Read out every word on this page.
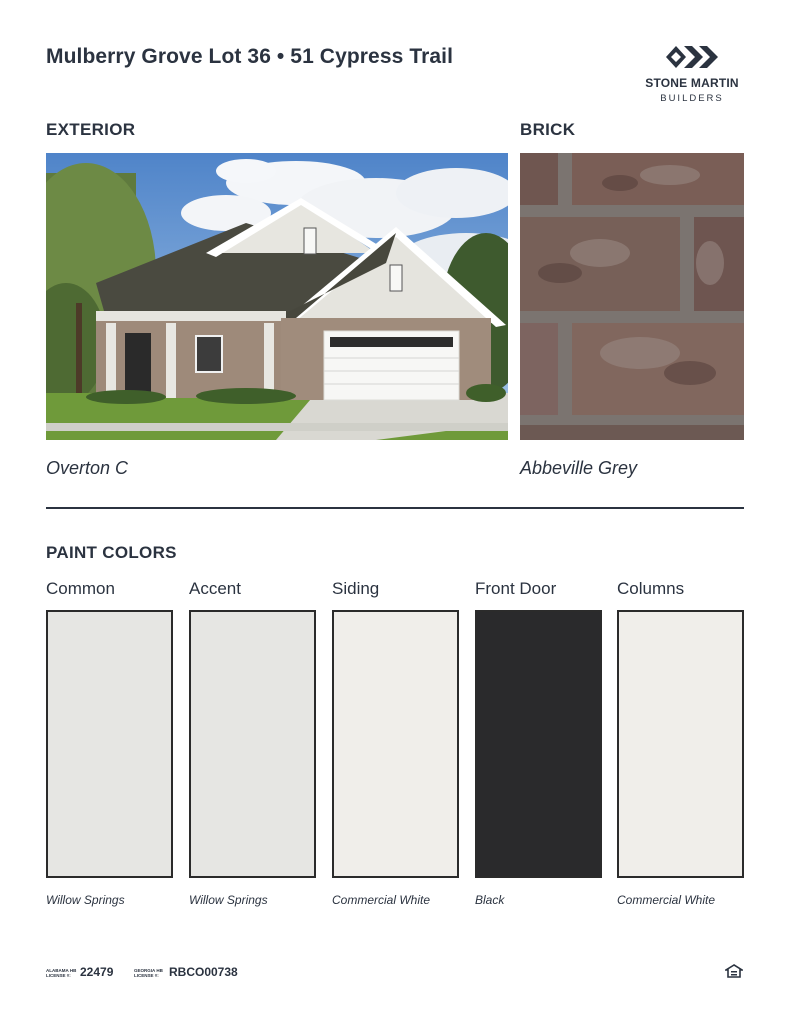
Mulberry Grove Lot 36 • 51 Cypress Trail
STONE MARTIN
BUILDERS
EXTERIOR	BRICK
Overton C	Abbeville Grey
PAINT COLORS
Common	Accent	Siding	Front Door	Columns
Willow Springs	Willow Springs	Commercial White	Black	Commercial White
ALABAMA HB
LICENSE #: 22479	GEORGIA HB
LICENSE #: RBCO00738
